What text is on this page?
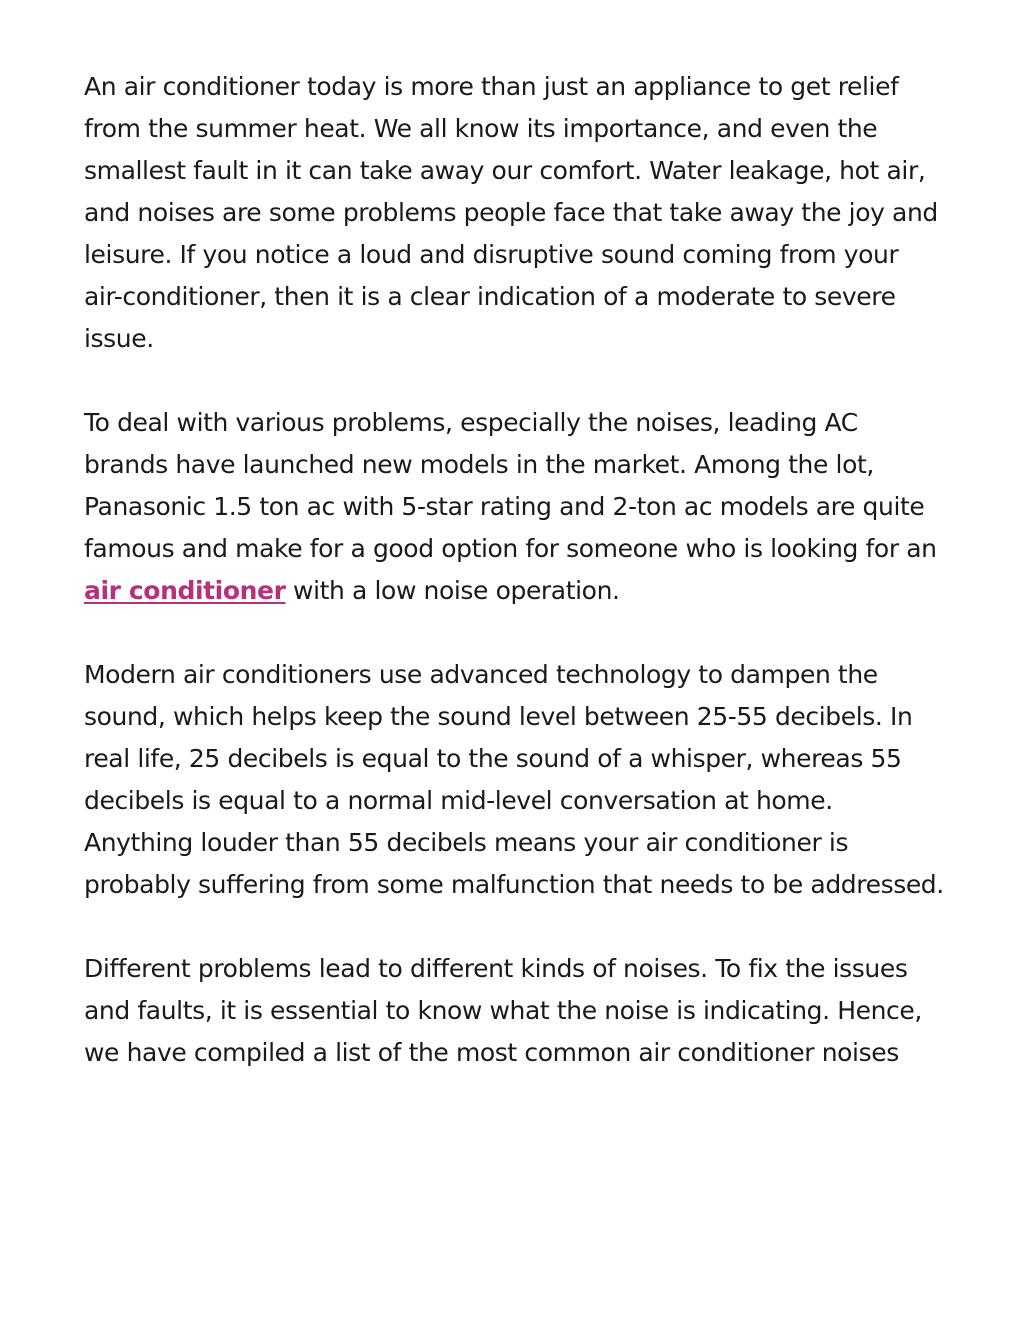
An air conditioner today is more than just an appliance to get relief from the summer heat. We all know its importance, and even the smallest fault in it can take away our comfort. Water leakage, hot air, and noises are some problems people face that take away the joy and leisure. If you notice a loud and disruptive sound coming from your air-conditioner, then it is a clear indication of a moderate to severe issue.

To deal with various problems, especially the noises, leading AC brands have launched new models in the market. Among the lot, Panasonic 1.5 ton ac with 5-star rating and 2-ton ac models are quite famous and make for a good option for someone who is looking for an air conditioner with a low noise operation.

Modern air conditioners use advanced technology to dampen the sound, which helps keep the sound level between 25-55 decibels. In real life, 25 decibels is equal to the sound of a whisper, whereas 55 decibels is equal to a normal mid-level conversation at home. Anything louder than 55 decibels means your air conditioner is probably suffering from some malfunction that needs to be addressed.

Different problems lead to different kinds of noises. To fix the issues and faults, it is essential to know what the noise is indicating. Hence, we have compiled a list of the most common air conditioner noises
